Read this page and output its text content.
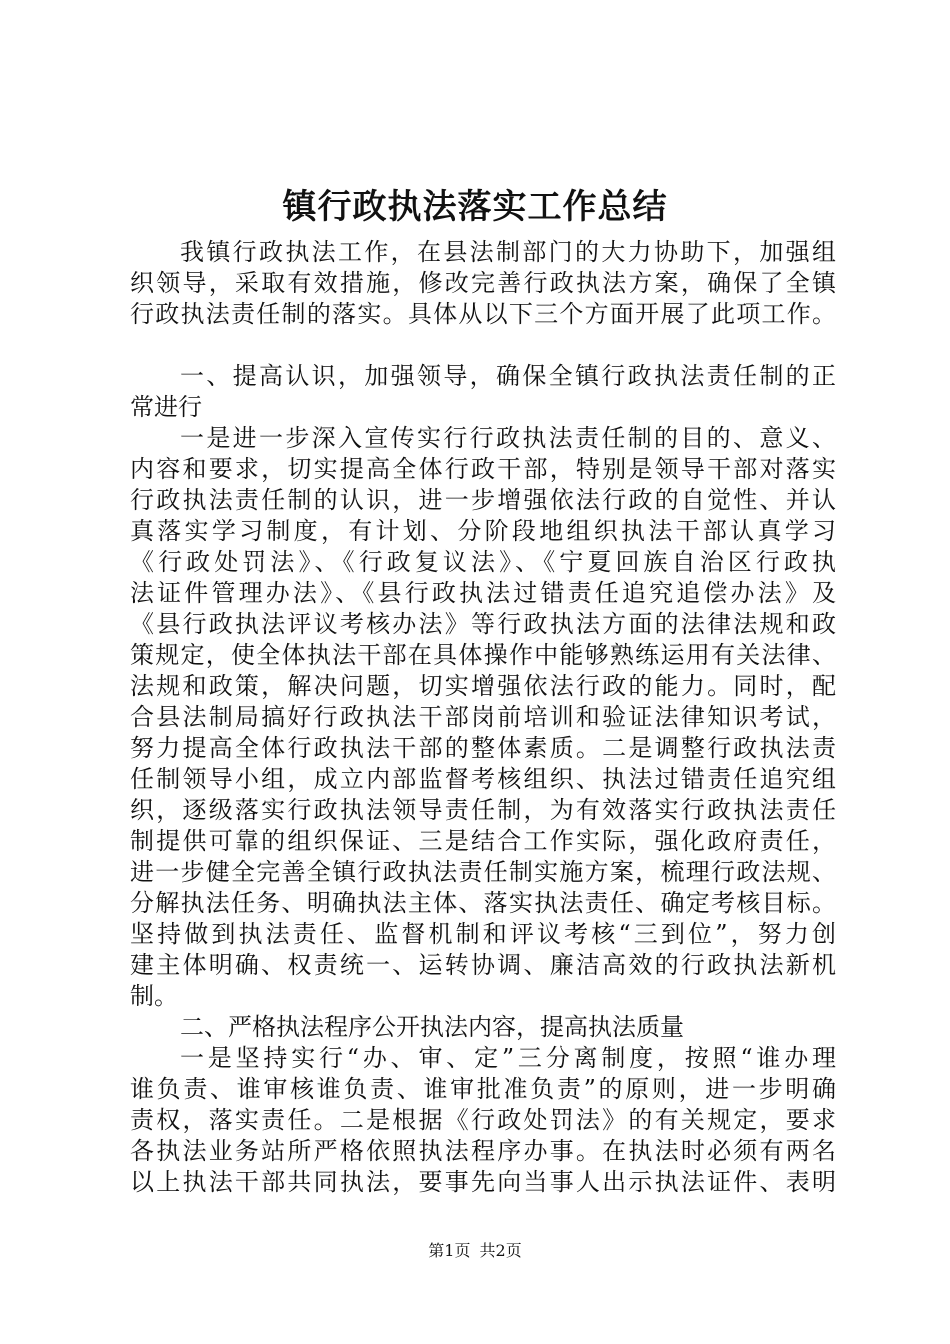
镇行政执法落实工作总结
我镇行政执法工作，在县法制部门的大力协助下，加强组
织领导，采取有效措施，修改完善行政执法方案，确保了全镇
行政执法责任制的落实。具体从以下三个方面开展了此项工作。
一、提高认识，加强领导，确保全镇行政执法责任制的正
常进行
一是进一步深入宣传实行行政执法责任制的目的、意义、
内容和要求，切实提高全体行政干部，特别是领导干部对落实
行政执法责任制的认识，进一步增强依法行政的自觉性、并认
真落实学习制度，有计划、分阶段地组织执法干部认真学习
《行政处罚法》、《行政复议法》、《宁夏回族自治区行政执
法证件管理办法》、《县行政执法过错责任追究追偿办法》及
《县行政执法评议考核办法》等行政执法方面的法律法规和政
策规定，使全体执法干部在具体操作中能够熟练运用有关法律、
法规和政策，解决问题，切实增强依法行政的能力。同时，配
合县法制局搞好行政执法干部岗前培训和验证法律知识考试，
努力提高全体行政执法干部的整体素质。二是调整行政执法责
任制领导小组，成立内部监督考核组织、执法过错责任追究组
织，逐级落实行政执法领导责任制，为有效落实行政执法责任
制提供可靠的组织保证、三是结合工作实际，强化政府责任，
进一步健全完善全镇行政执法责任制实施方案，梳理行政法规、
分解执法任务、明确执法主体、落实执法责任、确定考核目标。
坚持做到执法责任、监督机制和评议考核“三到位”，努力创
建主体明确、权责统一、运转协调、廉洁高效的行政执法新机
制。
二、严格执法程序公开执法内容，提高执法质量
一是坚持实行“办、审、定”三分离制度，按照“谁办理
谁负责、谁审核谁负责、谁审批准负责”的原则，进一步明确
责权，落实责任。二是根据《行政处罚法》的有关规定，要求
各执法业务站所严格依照执法程序办事。在执法时必须有两名
以上执法干部共同执法，要事先向当事人出示执法证件、表明
第1页 共2页
